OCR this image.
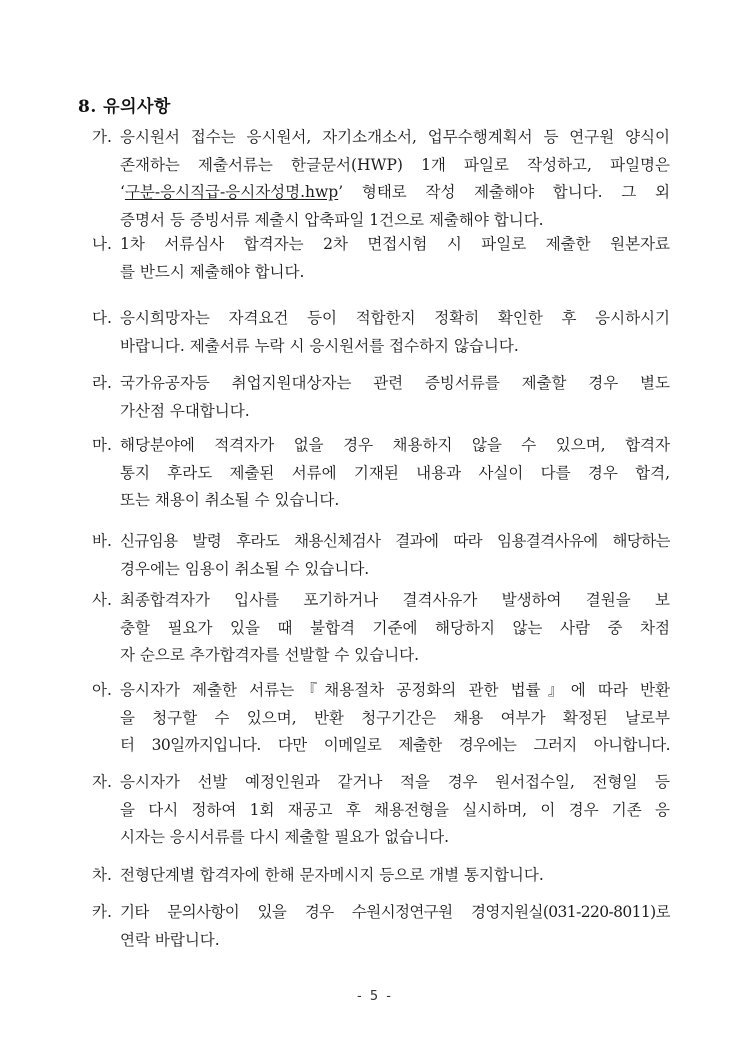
8. 유의사항
가. 응시원서 접수는 응시원서, 자기소개소서, 업무수행계획서 등 연구원 양식이
존재하는 제출서류는 한글문서(HWP) 1개 파일로 작성하고, 파일명은
‘구분-응시직급-응시자성명.hwp’ 형태로 작성 제출해야 합니다. 그 외
증명서 등 증빙서류 제출시 압축파일 1건으로 제출해야 합니다.
나. 1차 서류심사 합격자는 2차 면접시험 시 파일로 제출한 원본자료
를 반드시 제출해야 합니다.
다. 응시희망자는 자격요건 등이 적합한지 정확히 확인한 후 응시하시기
바랍니다. 제출서류 누락 시 응시원서를 접수하지 않습니다.
라. 국가유공자등 취업지원대상자는 관련 증빙서류를 제출할 경우 별도
가산점 우대합니다.
마. 해당분야에 적격자가 없을 경우 채용하지 않을 수 있으며, 합격자
통지 후라도 제출된 서류에 기재된 내용과 사실이 다를 경우 합격,
또는 채용이 취소될 수 있습니다.
바. 신규임용 발령 후라도 채용신체검사 결과에 따라 임용결격사유에 해당하는
경우에는 임용이 취소될 수 있습니다.
사. 최종합격자가 입사를 포기하거나 결격사유가 발생하여 결원을 보
충할 필요가 있을 때 불합격 기준에 해당하지 않는 사람 중 차점
자 순으로 추가합격자를 선발할 수 있습니다.
아. 응시자가 제출한 서류는『채용절차 공정화의 관한 법률』에 따라 반환
을 청구할 수 있으며, 반환 청구기간은 채용 여부가 확정된 날로부
터 30일까지입니다. 다만 이메일로 제출한 경우에는 그러지 아니합니다.
자. 응시자가 선발 예정인원과 같거나 적을 경우 원서접수일, 전형일 등
을 다시 정하여 1회 재공고 후 채용전형을 실시하며, 이 경우 기존 응
시자는 응시서류를 다시 제출할 필요가 없습니다.
차. 전형단계별 합격자에 한해 문자메시지 등으로 개별 통지합니다.
카. 기타 문의사항이 있을 경우 수원시정연구원 경영지원실(031-220-8011)로
연락 바랍니다.
- 5 -
